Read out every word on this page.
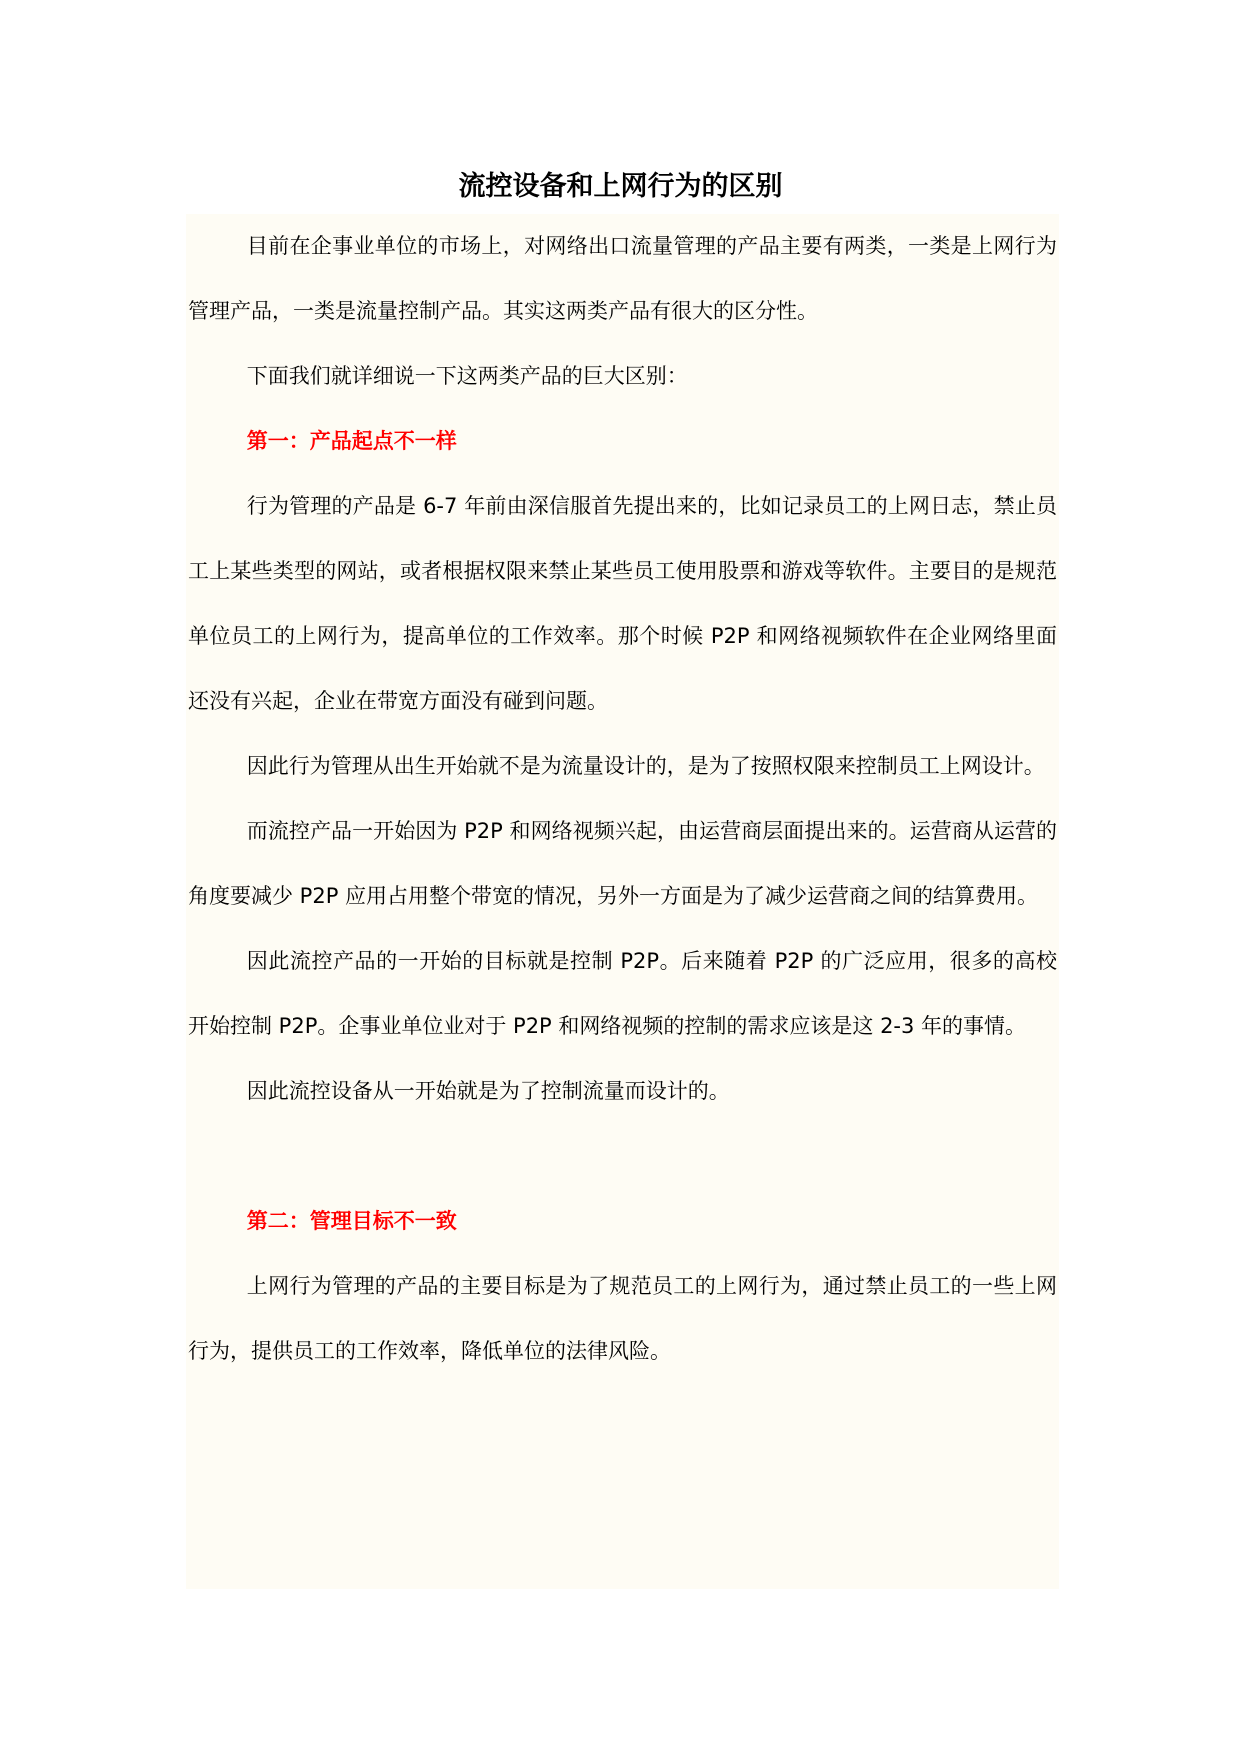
流控设备和上网行为的区别

目前在企事业单位的市场上，对网络出口流量管理的产品主要有两类，一类是上网行为管理产品，一类是流量控制产品。其实这两类产品有很大的区分性。

下面我们就详细说一下这两类产品的巨大区别：

第一：产品起点不一样

行为管理的产品是 6-7 年前由深信服首先提出来的，比如记录员工的上网日志，禁止员工上某些类型的网站，或者根据权限来禁止某些员工使用股票和游戏等软件。主要目的是规范单位员工的上网行为，提高单位的工作效率。那个时候 P2P 和网络视频软件在企业网络里面还没有兴起，企业在带宽方面没有碰到问题。

因此行为管理从出生开始就不是为流量设计的，是为了按照权限来控制员工上网设计。

而流控产品一开始因为 P2P 和网络视频兴起，由运营商层面提出来的。运营商从运营的角度要减少 P2P 应用占用整个带宽的情况，另外一方面是为了减少运营商之间的结算费用。

因此流控产品的一开始的目标就是控制 P2P。后来随着 P2P 的广泛应用，很多的高校开始控制 P2P。企事业单位业对于 P2P 和网络视频的控制的需求应该是这 2-3 年的事情。

因此流控设备从一开始就是为了控制流量而设计的。

第二：管理目标不一致

上网行为管理的产品的主要目标是为了规范员工的上网行为，通过禁止员工的一些上网行为，提供员工的工作效率，降低单位的法律风险。
